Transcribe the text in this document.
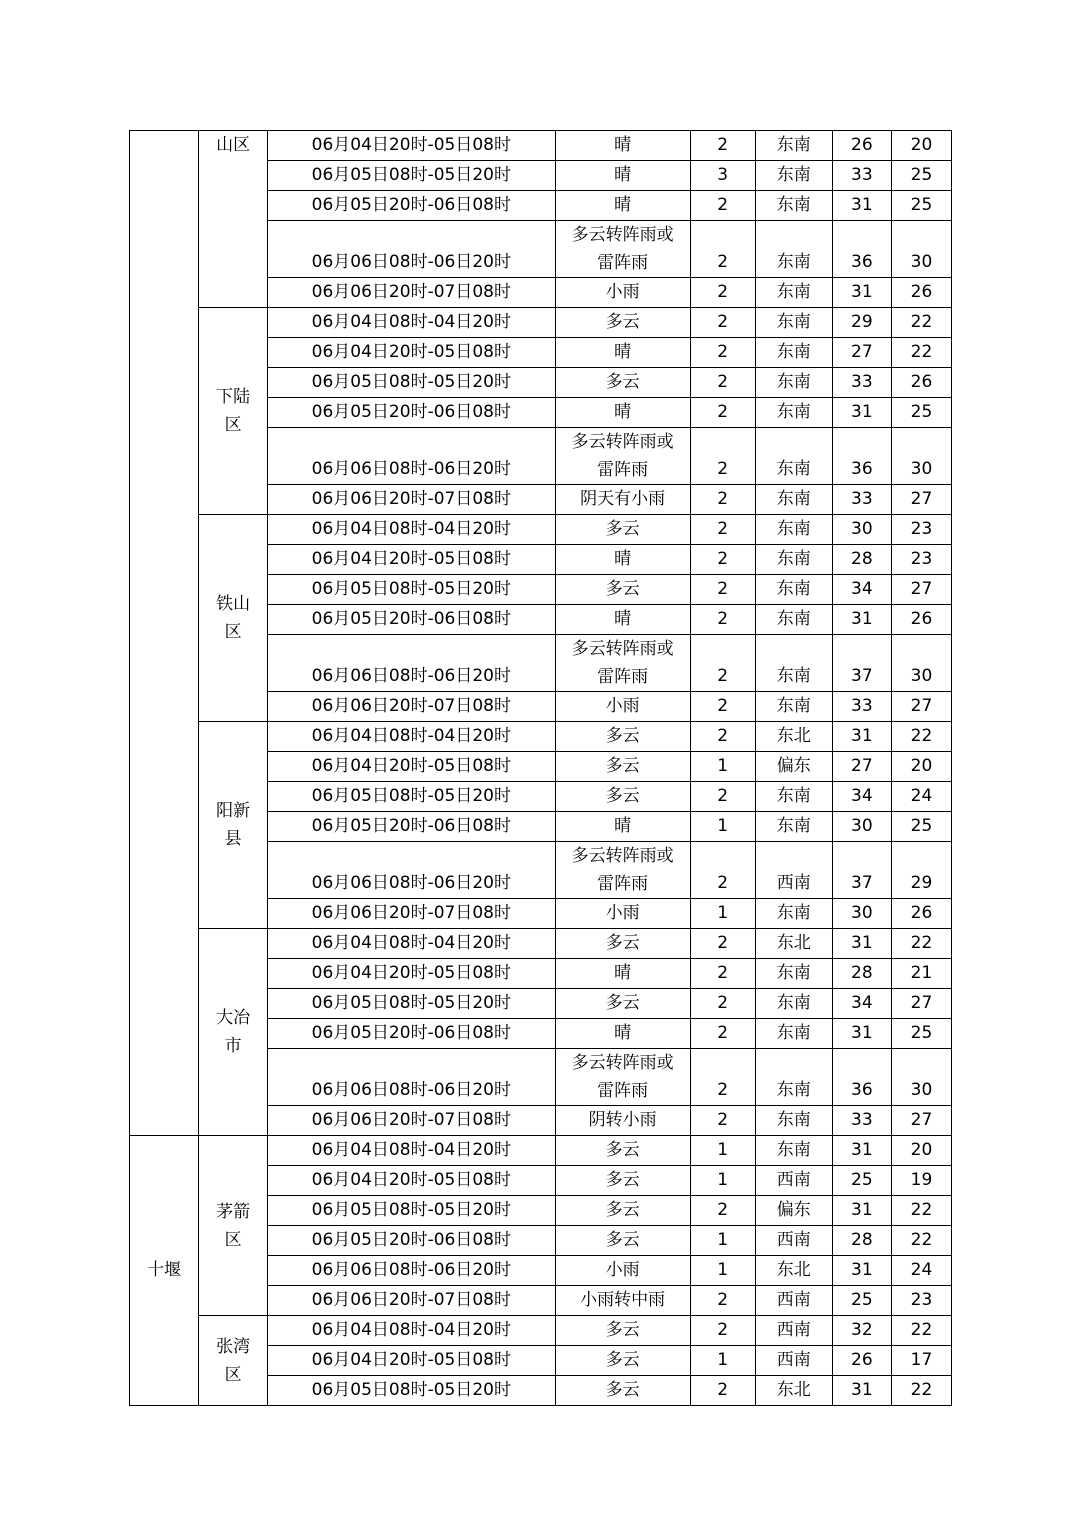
	山区	06月04日20时-05日08时	晴	2	东南	26	20
		06月05日08时-05日20时	晴	3	东南	33	25
		06月05日20时-06日08时	晴	2	东南	31	25
		06月06日08时-06日20时	多云转阵雨或
雷阵雨	2	东南	36	30
		06月06日20时-07日08时	小雨	2	东南	31	26

	下陆
区	06月04日08时-04日20时	多云	2	东南	29	22
		06月04日20时-05日08时	晴	2	东南	27	22
		06月05日08时-05日20时	多云	2	东南	33	26
		06月05日20时-06日08时	晴	2	东南	31	25
		06月06日08时-06日20时	多云转阵雨或
雷阵雨	2	东南	36	30
		06月06日20时-07日08时	阴天有小雨	2	东南	33	27

	铁山
区	06月04日08时-04日20时	多云	2	东南	30	23
		06月04日20时-05日08时	晴	2	东南	28	23
		06月05日08时-05日20时	多云	2	东南	34	27
		06月05日20时-06日08时	晴	2	东南	31	26
		06月06日08时-06日20时	多云转阵雨或
雷阵雨	2	东南	37	30
		06月06日20时-07日08时	小雨	2	东南	33	27

	阳新
县	06月04日08时-04日20时	多云	2	东北	31	22
		06月04日20时-05日08时	多云	1	偏东	27	20
		06月05日08时-05日20时	多云	2	东南	34	24
		06月05日20时-06日08时	晴	1	东南	30	25
		06月06日08时-06日20时	多云转阵雨或
雷阵雨	2	西南	37	29
		06月06日20时-07日08时	小雨	1	东南	30	26

	大冶
市	06月04日08时-04日20时	多云	2	东北	31	22
		06月04日20时-05日08时	晴	2	东南	28	21
		06月05日08时-05日20时	多云	2	东南	34	27
		06月05日20时-06日08时	晴	2	东南	31	25
		06月06日08时-06日20时	多云转阵雨或
雷阵雨	2	东南	36	30
		06月06日20时-07日08时	阴转小雨	2	东南	33	27
十堰	茅箭
区	06月04日08时-04日20时	多云	1	东南	31	20
		06月04日20时-05日08时	多云	1	西南	25	19
		06月05日08时-05日20时	多云	2	偏东	31	22
		06月05日20时-06日08时	多云	1	西南	28	22
		06月06日08时-06日20时	小雨	1	东北	31	24
		06月06日20时-07日08时	小雨转中雨	2	西南	25	23

	张湾
区	06月04日08时-04日20时	多云	2	西南	32	22
		06月04日20时-05日08时	多云	1	西南	26	17
		06月05日08时-05日20时	多云	2	东北	31	22
